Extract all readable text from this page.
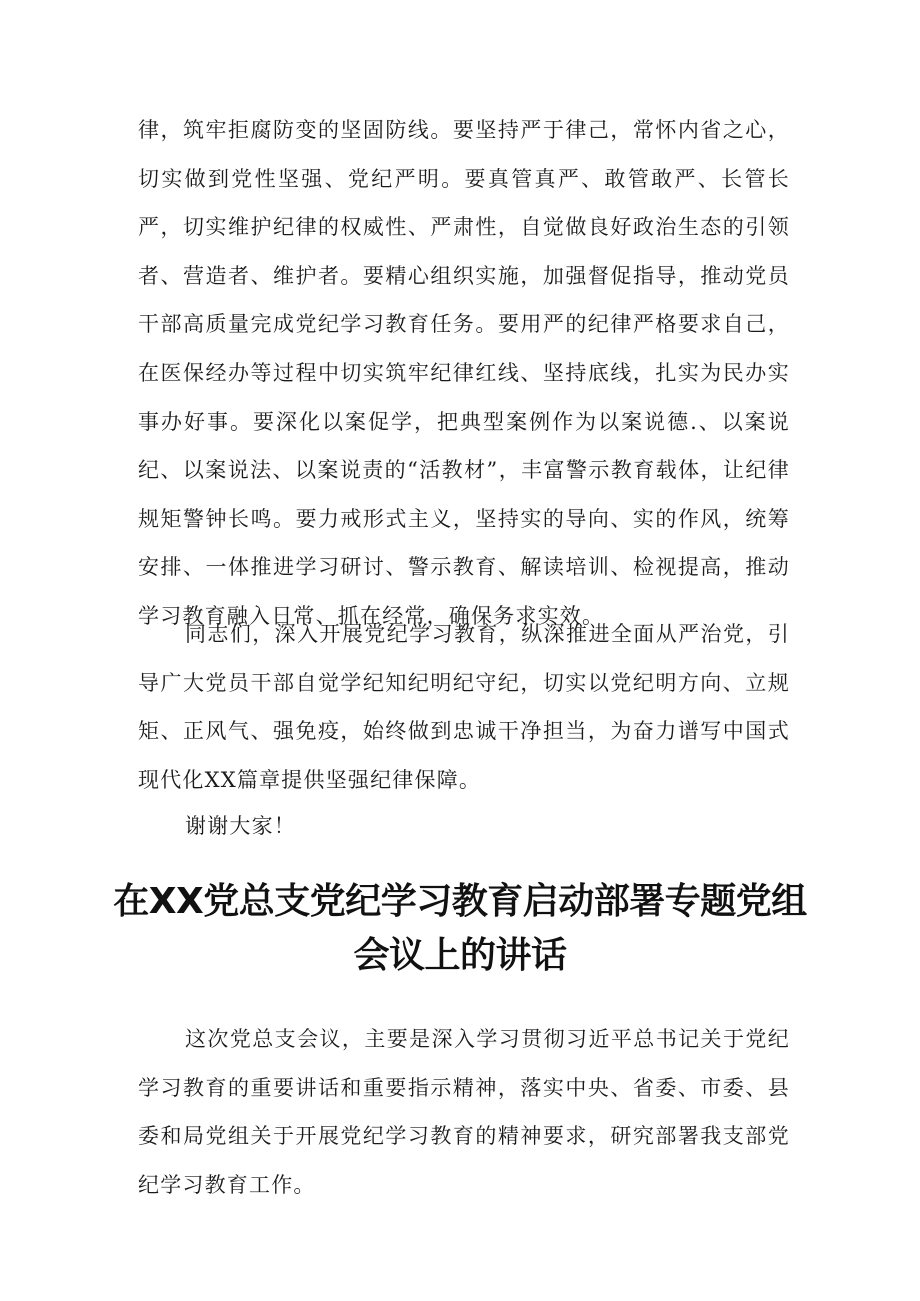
律，筑牢拒腐防变的坚固防线。要坚持严于律己，常怀内省之心，切实做到党性坚强、党纪严明。要真管真严、敢管敢严、长管长严，切实维护纪律的权威性、严肃性，自觉做良好政治生态的引领者、营造者、维护者。要精心组织实施，加强督促指导，推动党员干部高质量完成党纪学习教育任务。要用严的纪律严格要求自己，在医保经办等过程中切实筑牢纪律红线、坚持底线，扎实为民办实事办好事。要深化以案促学，把典型案例作为以案说德.、以案说纪、以案说法、以案说责的“活教材”，丰富警示教育载体，让纪律规矩警钟长鸣。要力戒形式主义，坚持实的导向、实的作风，统筹安排、一体推进学习研讨、警示教育、解读培训、检视提高，推动学习教育融入日常、抓在经常，确保务求实效。

同志们，深入开展党纪学习教育，纵深推进全面从严治党，引导广大党员干部自觉学纪知纪明纪守纪，切实以党纪明方向、立规矩、正风气、强免疫，始终做到忠诚干净担当，为奋力谱写中国式现代化XX篇章提供坚强纪律保障。

谢谢大家！

在XX党总支党纪学习教育启动部署专题党组会议上的讲话

这次党总支会议，主要是深入学习贯彻习近平总书记关于党纪学习教育的重要讲话和重要指示精神，落实中央、省委、市委、县委和局党组关于开展党纪学习教育的精神要求，研究部署我支部党纪学习教育工作。
